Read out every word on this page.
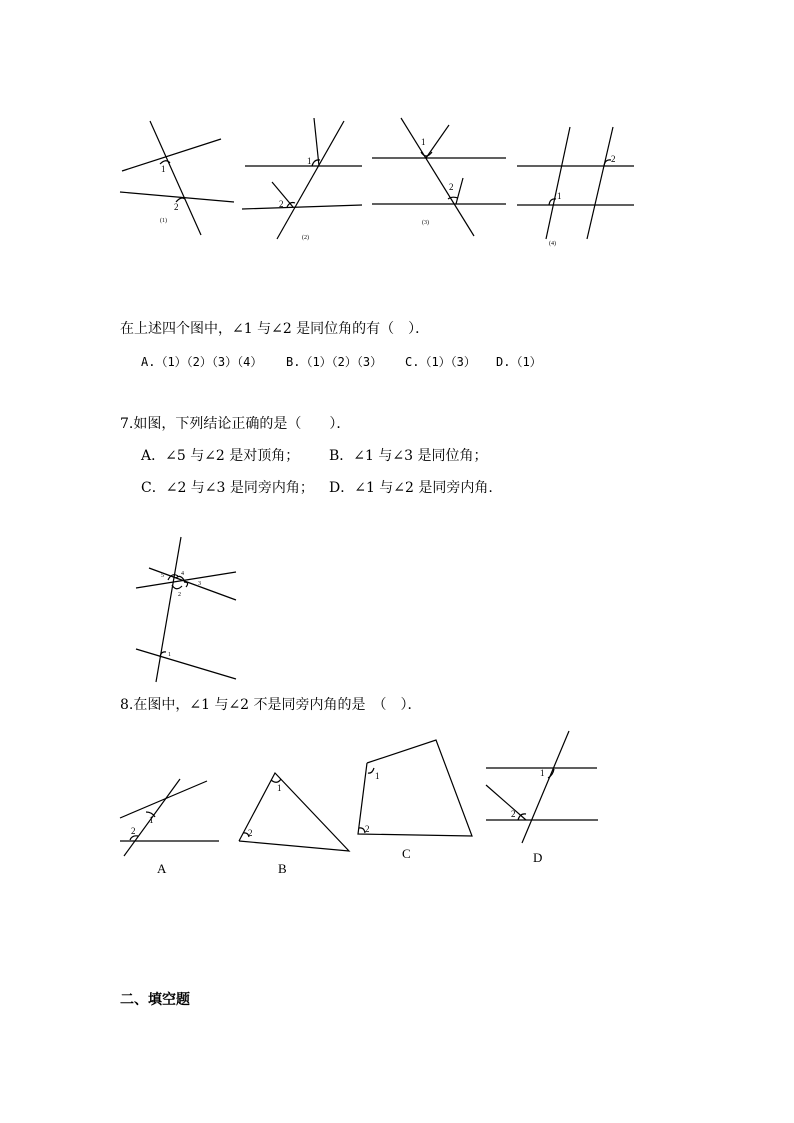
1
2
(1)
1
2
(2)
1
2
(3)
1
2
(4)
在上述四个图中，∠1 与∠2 是同位角的有（　）．
A.（1）（2）（3）（4） B.（1）（2）（3） C.（1）（3） D.（1）
7.如图，下列结论正确的是（　　）．
A．∠5 与∠2 是对顶角； B．∠1 与∠3 是同位角；
C．∠2 与∠3 是同旁内角； D．∠1 与∠2 是同旁内角.
5	4
3
2
1
8.在图中，∠1 与∠2 不是同旁内角的是　（　）．
1
2
A
1
2
B
1
2
C
1
2
D
二、填空题
